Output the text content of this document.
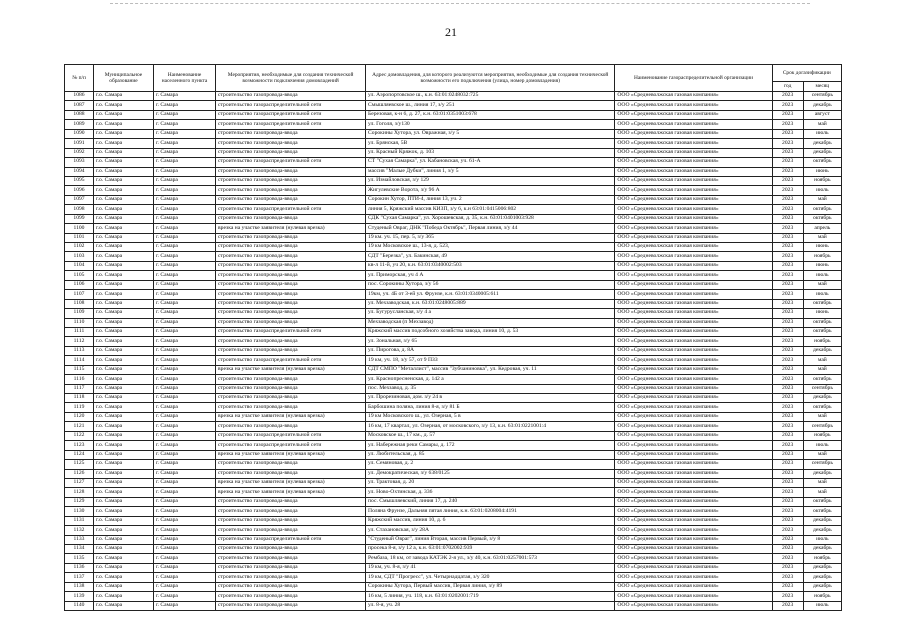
21
№ п/п	Муниципальное образование	Наименование населенного пункта	Мероприятия, необходимые для создания технической возможности подключения домовладений	Адрес домовладения, для которого реализуются мероприятия, необходимые для создания технической возможности его подключения (улица, номер домовладения)	Наименование газораспределительной организации	Срок догазификации	
						год	месяц
1086	г.о. Самара	г. Самара	строительство газопровода-ввода	ул. Аэропортовское ш., к.н. 63:01:0248032:725	ООО «Средневолжская газовая компания»	2023	сентябрь
1087	г.о. Самара	г. Самара	строительство газораспределительной сети	Смышляевское ш., линия 17, з/у 251	ООО «Средневолжская газовая компания»	2023	декабрь
1088	г.о. Самара	г. Самара	строительство газораспределительной сети	Березовая, к-н 6, д. 27, к.н. 63:01:0351003:678	ООО «Средневолжская газовая компания»	2023	август
1089	г.о. Самара	г. Самара	строительство газораспределительной сети	ул. Гоголя, з/у130	ООО «Средневолжская газовая компания»	2023	май
1090	г.о. Самара	г. Самара	строительство газопровода-ввода	Сорокины Хутора, ул. Овражная, з/у 5	ООО «Средневолжская газовая компания»	2023	июль
1091	г.о. Самара	г. Самара	строительство газопровода-ввода	ул. Брянская, 5В	ООО «Средневолжская газовая компания»	2023	декабрь
1092	г.о. Самара	г. Самара	строительство газопровода-ввода	ул. Красный Кряжок, д. 103	ООО «Средневолжская газовая компания»	2023	декабрь
1093	г.о. Самара	г. Самара	строительство газораспределительной сети	СТ "Сухая Самарка", ул. Кабановская, уч. 61-А	ООО «Средневолжская газовая компания»	2023	октябрь
1094	г.о. Самара	г. Самара	строительство газопровода-ввода	массив "Малые Дубки", линия 1, з/у 5	ООО «Средневолжская газовая компания»	2023	июнь
1095	г.о. Самара	г. Самара	строительство газопровода-ввода	ул. Измайловская, з/у 129	ООО «Средневолжская газовая компания»	2023	ноябрь
1096	г.о. Самара	г. Самара	строительство газопровода-ввода	Жигулевские Ворота, з/у 96 А	ООО «Средневолжская газовая компания»	2023	июль
1097	г.о. Самара	г. Самара	строительство газопровода-ввода	Сорокин Хутор, ПТИ-4, линия 13, уч. 2	ООО «Средневолжская газовая компания»	2023	май
1098	г.о. Самара	г. Самара	строительство газораспределительной сети	линия 5, Кряжский массив КИЗП, з/у 6, к.н 63:01:0415006:802	ООО «Средневолжская газовая компания»	2023	октябрь
1099	г.о. Самара	г. Самара	строительство газопровода-ввода	СДК "Сухая Самарка", ул. Хорошевская, д. 35, к.н. 63:01:0401003:928	ООО «Средневолжская газовая компания»	2023	октябрь
1100	г.о. Самара	г. Самара	врезка на участке заявителя (нулевая врезка)	Студеный Овраг, ДНК "Победа Октябрь", Первая линия, з/у 44	ООО «Средневолжская газовая компания»	2023	апрель
1101	г.о. Самара	г. Самара	строительство газопровода-ввода	19 км. уч. 15, пер. 5, з/у 365	ООО «Средневолжская газовая компания»	2023	май
1102	г.о. Самара	г. Самара	строительство газопровода-ввода	19 км Московское ш., 13-я, д. 523,	ООО «Средневолжская газовая компания»	2023	июнь
1103	г.о. Самара	г. Самара	строительство газопровода-ввода	СДТ "Березка", ул. Бакинская, 49	ООО «Средневолжская газовая компания»	2023	ноябрь
1104	г.о. Самара	г. Самара	строительство газопровода-ввода	кв-л 11-й, уч 20, к.н. 63:01:0340002:503	ООО «Средневолжская газовая компания»	2023	июнь
1105	г.о. Самара	г. Самара	строительство газопровода-ввода	ул. Приморская, уч 4 А	ООО «Средневолжская газовая компания»	2023	июль
1106	г.о. Самара	г. Самара	строительство газопровода-ввода	пос. Сорокины Хутора, з/у 56	ООО «Средневолжская газовая компания»	2023	май
1107	г.о. Самара	г. Самара	строительство газопровода-ввода	19км, уч. 4Б от 3-ей ул. Фрунзе, к.н. 63:01:0340005:611	ООО «Средневолжская газовая компания»	2023	июль
1108	г.о. Самара	г. Самара	строительство газопровода-ввода	ул. Мехзаводская, к.н. 63:01:0248005:889	ООО «Средневолжская газовая компания»	2023	октябрь
1109	г.о. Самара	г. Самара	строительство газопровода-ввода	ул. Бугурусланская, з/у 4 а	ООО «Средневолжская газовая компания»	2023	июнь
1110	г.о. Самара	г. Самара	строительство газопровода-ввода	Мехзаводская (п Мехзавод)	ООО «Средневолжская газовая компания»	2023	октябрь
1111	г.о. Самара	г. Самара	строительство газораспределительной сети	Кряжский массив подсобного хозяйства завода, линия 10, д. 53	ООО «Средневолжская газовая компания»	2023	октябрь
1112	г.о. Самара	г. Самара	строительство газопровода-ввода	ул. Зональная, з/у 65	ООО «Средневолжская газовая компания»	2023	ноябрь
1113	г.о. Самара	г. Самара	строительство газопровода-ввода	ул. Пирогова, д. 8А	ООО «Средневолжская газовая компания»	2023	декабрь
1114	г.о. Самара	г. Самара	строительство газораспределительной сети	19 км, уч. 18, з/у 57, от 9 ПЗЗ	ООО «Средневолжская газовая компания»	2023	май
1115	г.о. Самара	г. Самара	врезка на участке заявителя (нулевая врезка)	СДТ СМПО "Металлист", массив "Зубчаниновка", ул. Кедровая, уч. 11	ООО «Средневолжская газовая компания»	2023	май
1116	г.о. Самара	г. Самара	строительство газопровода-ввода	ул. Краснопресненская, д. 142 а	ООО «Средневолжская газовая компания»	2023	октябрь
1117	г.о. Самара	г. Самара	строительство газопровода-ввода	пос. Мехзавод, д. 35	ООО «Средневолжская газовая компания»	2023	сентябрь
1118	г.о. Самара	г. Самара	строительство газопровода-ввода	ул. Прорезиновая, дом. з/у 24 в	ООО «Средневолжская газовая компания»	2023	декабрь
1119	г.о. Самара	г. Самара	строительство газопровода-ввода	Барбошина поляна, линия 8-я, з/у 81 Б	ООО «Средневолжская газовая компания»	2023	октябрь
1120	г.о. Самара	г. Самара	врезка на участке заявителя (нулевая врезка)	19 км Московского ш., ул. Озерная, 5 в	ООО «Средневолжская газовая компания»	2023	май
1121	г.о. Самара	г. Самара	строительство газопровода-ввода	16 км, 17 квартал, ул. Озерная, от московского, з/у 13, к.н. 63:01:0221001:4	ООО «Средневолжская газовая компания»	2023	сентябрь
1122	г.о. Самара	г. Самара	строительство газораспределительной сети	Московское ш., 17 км., д. 57	ООО «Средневолжская газовая компания»	2023	ноябрь
1123	г.о. Самара	г. Самара	строительство газораспределительной сети	ул. Набережная реки Самары, д. 172	ООО «Средневолжская газовая компания»	2023	июль
1124	г.о. Самара	г. Самара	врезка на участке заявителя (нулевая врезка)	ул. Любительская, д. 85	ООО «Средневолжская газовая компания»	2023	май
1125	г.о. Самара	г. Самара	строительство газопровода-ввода	ул. Семяновая, д. 2	ООО «Средневолжская газовая компания»	2023	сентябрь
1126	г.о. Самара	г. Самара	строительство газопровода-ввода	ул. Демократическая, з/у 638/0125	ООО «Средневолжская газовая компания»	2023	декабрь
1127	г.о. Самара	г. Самара	врезка на участке заявителя (нулевая врезка)	ул. Трактовая, д. 20	ООО «Средневолжская газовая компания»	2023	май
1128	г.о. Самара	г. Самара	врезка на участке заявителя (нулевая врезка)	ул. Ново-Охтинская, д. 336	ООО «Средневолжская газовая компания»	2023	май
1129	г.о. Самара	г. Самара	строительство газопровода-ввода	пос. Смышляевский, линия 17, д. 240	ООО «Средневолжская газовая компания»	2023	октябрь
1130	г.о. Самара	г. Самара	строительство газопровода-ввода	Поляна Фрунзе, Дальняя пятая линия, к.н. 63:01:0208004:4191	ООО «Средневолжская газовая компания»	2023	октябрь
1131	г.о. Самара	г. Самара	строительство газопровода-ввода	Кряжский массив, линия 10, д. 6	ООО «Средневолжская газовая компания»	2023	декабрь
1132	г.о. Самара	г. Самара	строительство газопровода-ввода	ул. Стахановская, з/у 28А	ООО «Средневолжская газовая компания»	2023	декабрь
1133	г.о. Самара	г. Самара	строительство газораспределительной сети	"Студеный Овраг", линия Вторая, массив Первый, з/у 8	ООО «Средневолжская газовая компания»	2023	июль
1134	г.о. Самара	г. Самара	строительство газопровода-ввода	просека 8-я, з/у 12 а, к.н. 63:01:0702002:939	ООО «Средневолжская газовая компания»	2023	декабрь
1135	г.о. Самара	г. Самара	строительство газопровода-ввода	Рембаза, 18 км, от завода КАТЭК 2-я ул., з/у 40, к.н. 63:01:0257001:573	ООО «Средневолжская газовая компания»	2023	ноябрь
1136	г.о. Самара	г. Самара	строительство газопровода-ввода	19 км, уч. 8-я, з/у 41	ООО «Средневолжская газовая компания»	2023	декабрь
1137	г.о. Самара	г. Самара	строительство газопровода-ввода	19 км, СДТ "Прогресс", ул. Четырнадцатая, з/у 320	ООО «Средневолжская газовая компания»	2023	декабрь
1138	г.о. Самара	г. Самара	строительство газопровода-ввода	Сорокины Хутора, Первый массив, Первая линия, з/у 89	ООО «Средневолжская газовая компания»	2023	декабрь
1139	г.о. Самара	г. Самара	строительство газопровода-ввода	16 км, 5 линия, уч. 118, к.н. 63:01:0202001:719	ООО «Средневолжская газовая компания»	2023	ноябрь
1140	г.о. Самара	г. Самара	строительство газопровода-ввода	ул. 8-я, уч. 28	ООО «Средневолжская газовая компания»	2023	июль
